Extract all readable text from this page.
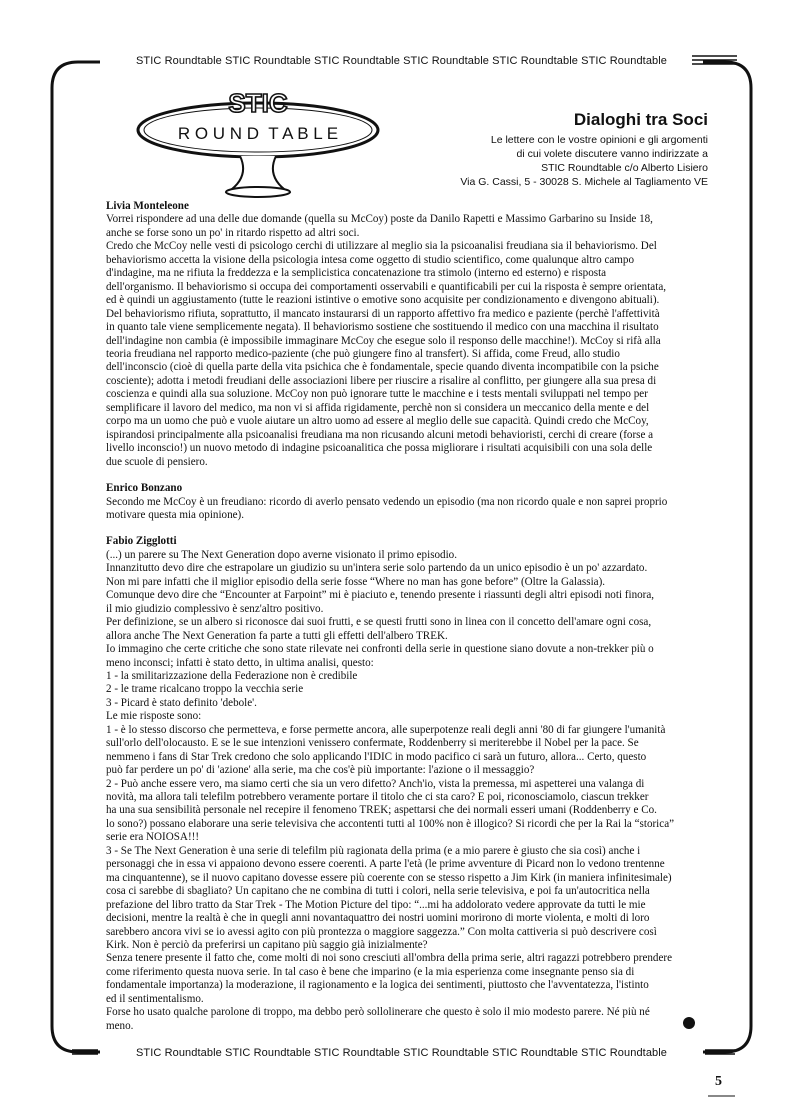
STIC Roundtable STIC Roundtable STIC Roundtable STIC Roundtable STIC Roundtable STIC Roundtable
STIC
R O U N D  T A B L E
Dialoghi tra Soci
Le lettere con le vostre opinioni e gli argomenti
di cui volete discutere vanno indirizzate a
STIC Roundtable c/o Alberto Lisiero
Via G. Cassi, 5 - 30028 S. Michele al Tagliamento VE

Livia Monteleone

Vorrei rispondere ad una delle due domande (quella su McCoy) poste da Danilo Rapetti e Massimo Garbarino su Inside 18,

anche se forse sono un po' in ritardo rispetto ad altri soci.

Credo che McCoy nelle vesti di psicologo cerchi di utilizzare al meglio sia la psicoanalisi freudiana sia il behaviorismo. Del

behaviorismo accetta la visione della psicologia intesa come oggetto di studio scientifico, come qualunque altro campo

d'indagine, ma ne rifiuta la freddezza e la semplicistica concatenazione tra stimolo (interno ed esterno) e risposta

dell'organismo. Il behaviorismo si occupa dei comportamenti osservabili e quantificabili per cui la risposta è sempre orientata,

ed è quindi un aggiustamento (tutte le reazioni istintive o emotive sono acquisite per condizionamento e divengono abituali).

Del behaviorismo rifiuta, soprattutto, il mancato instaurarsi di un rapporto affettivo fra medico e paziente (perchè l'affettività

in quanto tale viene semplicemente negata). Il behaviorismo sostiene che sostituendo il medico con una macchina il risultato

dell'indagine non cambia (è impossibile immaginare McCoy che esegue solo il responso delle macchine!). McCoy si rifà alla

teoria freudiana nel rapporto medico-paziente (che può giungere fino al transfert). Si affida, come Freud, allo studio

dell'inconscio (cioè di quella parte della vita psichica che è fondamentale, specie quando diventa incompatibile con la psiche

cosciente); adotta i metodi freudiani delle associazioni libere per riuscire a risalire al conflitto, per giungere alla sua presa di

coscienza e quindi alla sua soluzione. McCoy non può ignorare tutte le macchine e i tests mentali sviluppati nel tempo per

semplificare il lavoro del medico, ma non vi si affida rigidamente, perchè non si considera un meccanico della mente e del

corpo ma un uomo che può e vuole aiutare un altro uomo ad essere al meglio delle sue capacità. Quindi credo che McCoy,

ispirandosi principalmente alla psicoanalisi freudiana ma non ricusando alcuni metodi behavioristi, cerchi di creare (forse a

livello inconscio!) un nuovo metodo di indagine psicoanalitica che possa migliorare i risultati acquisibili con una sola delle

due scuole di pensiero.

Enrico Bonzano

Secondo me McCoy è un freudiano: ricordo di averlo pensato vedendo un episodio (ma non ricordo quale e non saprei proprio

motivare questa mia opinione).

Fabio Zigglotti

(...) un parere su The Next Generation dopo averne visionato il primo episodio.

Innanzitutto devo dire che estrapolare un giudizio su un'intera serie solo partendo da un unico episodio è un po' azzardato.

Non mi pare infatti che il miglior episodio della serie fosse “Where no man has gone before” (Oltre la Galassia).

Comunque devo dire che “Encounter at Farpoint” mi è piaciuto e, tenendo presente i riassunti degli altri episodi noti finora,

il mio giudizio complessivo è senz'altro positivo.

Per definizione, se un albero si riconosce dai suoi frutti, e se questi frutti sono in linea con il concetto dell'amare ogni cosa,

allora anche The Next Generation fa parte a tutti gli effetti dell'albero TREK.

Io immagino che certe critiche che sono state rilevate nei confronti della serie in questione siano dovute a non-trekker più o

meno inconsci; infatti è stato detto, in ultima analisi, questo:

1 - la smilitarizzazione della Federazione non è credibile

2 - le trame ricalcano troppo la vecchia serie

3 - Picard è stato definito 'debole'.

Le mie risposte sono:

1 - è lo stesso discorso che permetteva, e forse permette ancora, alle superpotenze reali degli anni '80 di far giungere l'umanità

sull'orlo dell'olocausto. E se le sue intenzioni venissero confermate, Roddenberry si meriterebbe il Nobel per la pace. Se

nemmeno i fans di Star Trek credono che solo applicando l'IDIC in modo pacifico ci sarà un futuro, allora... Certo, questo

può far perdere un po' di 'azione' alla serie, ma che cos'è più importante: l'azione o il messaggio?

2 - Può anche essere vero, ma siamo certi che sia un vero difetto? Anch'io, vista la premessa, mi aspetterei una valanga di

novità, ma allora tali telefilm potrebbero veramente portare il titolo che ci sta caro? E poi, riconosciamolo, ciascun trekker

ha una sua sensibilità personale nel recepire il fenomeno TREK; aspettarsi che dei normali esseri umani (Roddenberry e Co.

lo sono?) possano elaborare una serie televisiva che accontenti tutti al 100% non è illogico? Si ricordi che per la Rai la “storica”

serie era NOIOSA!!!

3 - Se The Next Generation è una serie di telefilm più ragionata della prima (e a mio parere è giusto che sia così) anche i

personaggi che in essa vi appaiono devono essere coerenti. A parte l'età (le prime avventure di Picard non lo vedono trentenne

ma cinquantenne), se il nuovo capitano dovesse essere più coerente con se stesso rispetto a Jim Kirk (in maniera infinitesimale)

cosa ci sarebbe di sbagliato? Un capitano che ne combina di tutti i colori, nella serie televisiva, e poi fa un'autocritica nella

prefazione del libro tratto da Star Trek - The Motion Picture del tipo: “...mi ha addolorato vedere approvate da tutti le mie

decisioni, mentre la realtà è che in quegli anni novantaquattro dei nostri uomini morirono di morte violenta, e molti di loro

sarebbero ancora vivi se io avessi agito con più prontezza o maggiore saggezza.” Con molta cattiveria si può descrivere così

Kirk. Non è perciò da preferirsi un capitano più saggio già inizialmente?

Senza tenere presente il fatto che, come molti di noi sono cresciuti all'ombra della prima serie, altri ragazzi potrebbero prendere

come riferimento questa nuova serie. In tal caso è bene che imparino (e la mia esperienza come insegnante penso sia di

fondamentale importanza) la moderazione, il ragionamento e la logica dei sentimenti, piuttosto che l'avventatezza, l'istinto

ed il sentimentalismo.

Forse ho usato qualche parolone di troppo, ma debbo però sollolinerare che questo è solo il mio modesto parere. Né più né

meno.

STIC Roundtable STIC Roundtable STIC Roundtable STIC Roundtable STIC Roundtable STIC Roundtable
5
